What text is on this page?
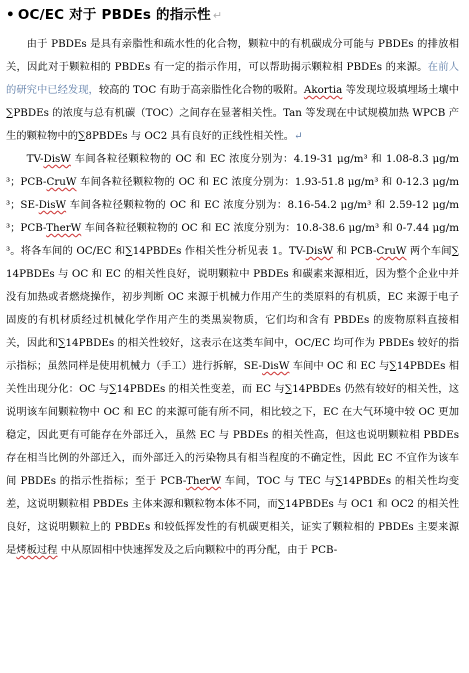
• OC/EC 对于 PBDEs 的指示性 ↵

由于 PBDEs 是具有亲脂性和疏水性的化合物，颗粒中的有机碳成分可能与 PBDEs 的排放相关，因此对于颗粒相的 PBDEs 有一定的指示作用，可以帮助揭示颗粒相 PBDEs 的来源。在前人的研究中已经发现，较高的 TOC 有助于高亲脂性化合物的吸附。Akortia 等发现垃圾填埋场土壤中∑PBDEs 的浓度与总有机碳（TOC）之间存在显著相关性。Tan 等发现在中试规模加热 WPCB 产生的颗粒物中的∑8PBDEs 与 OC2 具有良好的正线性相关性。↵

TV-DisW 车间各粒径颗粒物的 OC 和 EC 浓度分别为：4.19-31 μg/m³ 和 1.08-8.3 μg/m³；PCB-CruW 车间各粒径颗粒物的 OC 和 EC 浓度分别为：1.93-51.8 μg/m³ 和 0-12.3 μg/m³；SE-DisW 车间各粒径颗粒物的 OC 和 EC 浓度分别为：8.16-54.2 μg/m³ 和 2.59-12 μg/m³；PCB-TherW 车间各粒径颗粒物的 OC 和 EC 浓度分别为：10.8-38.6 μg/m³ 和 0-7.44 μg/m³。将各车间的 OC/EC 和∑14PBDEs 作相关性分析见表 1。TV-DisW 和 PCB-CruW 两个车间∑14PBDEs 与 OC 和 EC 的相关性良好，说明颗粒中 PBDEs 和碳素来源相近，因为整个企业中并没有加热或者燃烧操作，初步判断 OC 来源于机械力作用产生的类原料的有机质，EC 来源于电子固废的有机材质经过机械化学作用产生的类黑炭物质，它们均和含有 PBDEs 的废物原料直接相关，因此和∑14PBDEs 的相关性较好，这表示在这类车间中，OC/EC 均可作为 PBDEs 较好的指示指标；虽然同样是使用机械力（手工）进行拆解，SE-DisW 车间中 OC 和 EC 与∑14PBDEs 相关性出现分化：OC 与∑14PBDEs 的相关性变差，而 EC 与∑14PBDEs 仍然有较好的相关性，这说明该车间颗粒物中 OC 和 EC 的来源可能有所不同，相比较之下，EC 在大气环境中较 OC 更加稳定，因此更有可能存在外部迁入，虽然 EC 与 PBDEs 的相关性高，但这也说明颗粒相 PBDEs 存在相当比例的外部迁入，而外部迁入的污染物具有相当程度的不确定性，因此 EC 不宜作为该车间 PBDEs 的指示性指标；至于 PCB-TherW 车间，TOC 与 TEC 与∑14PBDEs 的相关性均变差，这说明颗粒相 PBDEs 主体来源和颗粒物本体不同，而∑14PBDEs 与 OC1 和 OC2 的相关性良好，这说明颗粒上的 PBDEs 和较低挥发性的有机碳更相关，证实了颗粒相的 PBDEs 主要来源是烤板过程 中从原固相中快速挥发及之后向颗粒中的再分配，由于 PCB-
